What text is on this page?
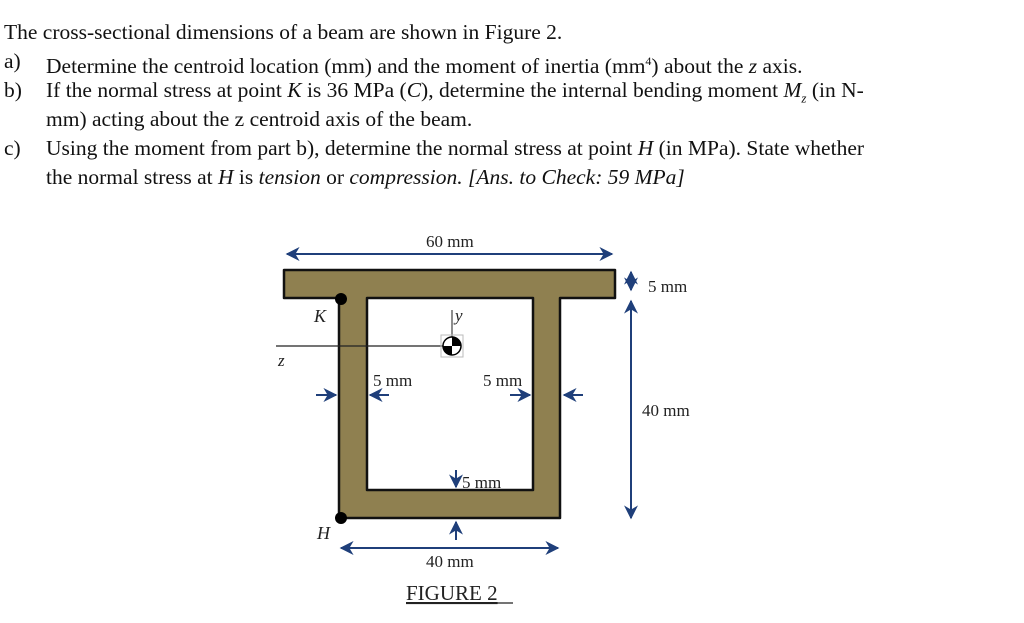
The cross-sectional dimensions of a beam are shown in Figure 2.
a)	Determine the centroid location (mm) and the moment of inertia $(mm^4)$ about the z axis.
b)	If the normal stress at point K is 36 MPa (C), determine the internal bending moment $M_z$ (in N-
mm) acting about the z centroid axis of the beam.
c)	Using the moment from part b), determine the normal stress at point H (in MPa). State whether
the normal stress at H is tension or compression. [Ans. to Check: 59 MPa]
y
z
K
H
60 mm
5 mm
40 mm
5 mm	5 mm
5 mm
40 mm
FIGURE 2
